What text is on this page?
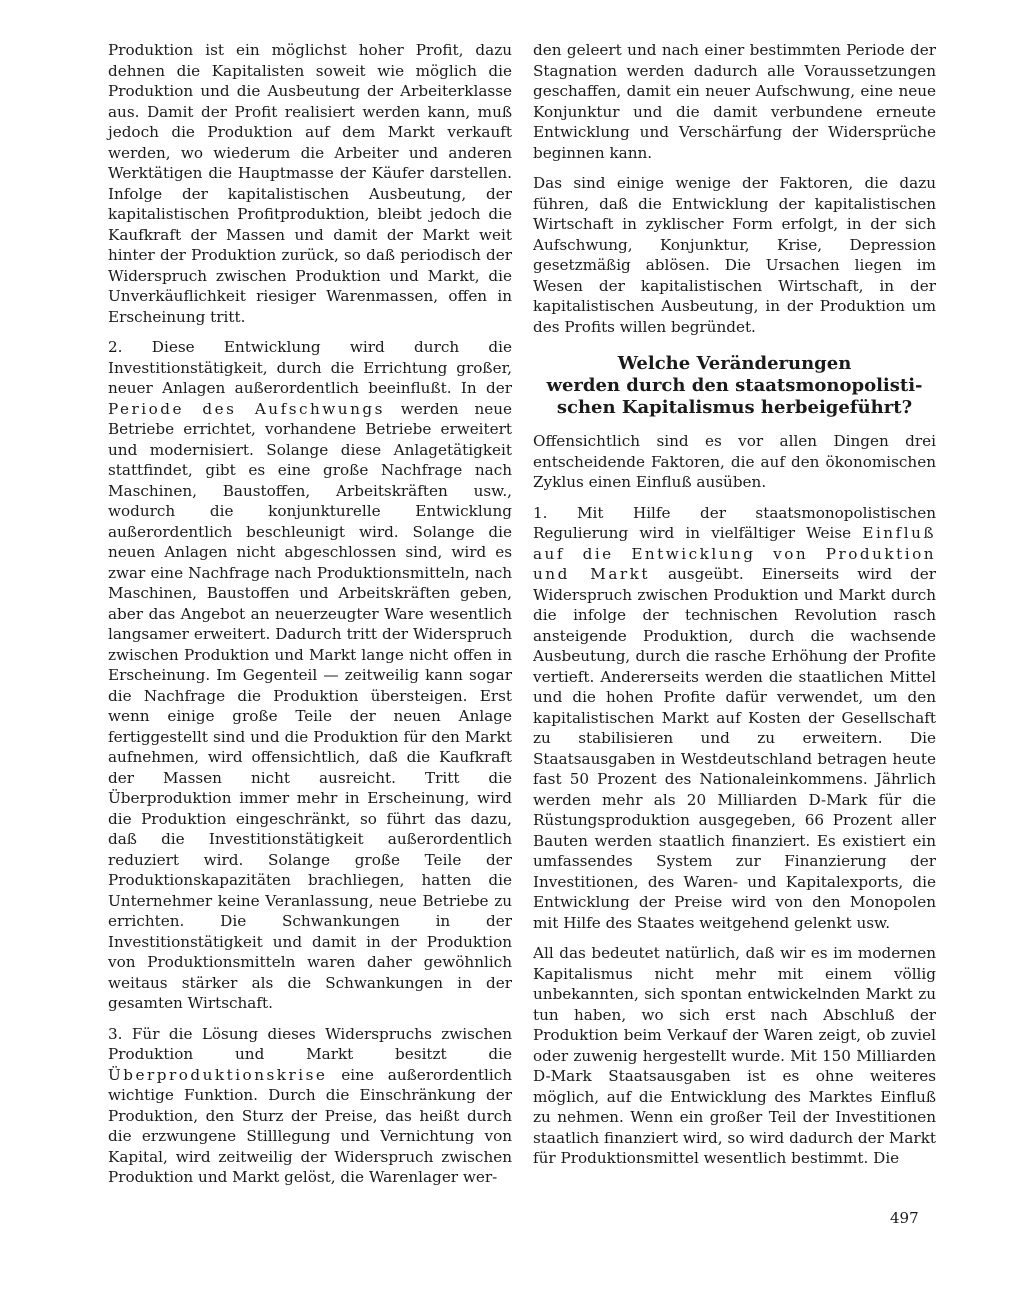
Produktion ist ein möglichst hoher Profit, dazu dehnen die Kapitalisten soweit wie möglich die Produktion und die Ausbeutung der Arbeiterklasse aus. Damit der Profit realisiert werden kann, muß jedoch die Produktion auf dem Markt verkauft werden, wo wiederum die Arbeiter und anderen Werktätigen die Hauptmasse der Käufer darstellen. Infolge der kapitalistischen Ausbeutung, der kapitalistischen Profitproduktion, bleibt jedoch die Kaufkraft der Massen und damit der Markt weit hinter der Produktion zurück, so daß periodisch der Widerspruch zwischen Produktion und Markt, die Unverkäuflichkeit riesiger Warenmassen, offen in Erscheinung tritt.

2. Diese Entwicklung wird durch die Investitionstätigkeit, durch die Errichtung großer, neuer Anlagen außerordentlich beeinflußt. In der Periode des Aufschwungs werden neue Betriebe errichtet, vorhandene Betriebe erweitert und modernisiert. Solange diese Anlagetätigkeit stattfindet, gibt es eine große Nachfrage nach Maschinen, Baustoffen, Arbeitskräften usw., wodurch die konjunkturelle Entwicklung außerordentlich beschleunigt wird. Solange die neuen Anlagen nicht abgeschlossen sind, wird es zwar eine Nachfrage nach Produktionsmitteln, nach Maschinen, Baustoffen und Arbeitskräften geben, aber das Angebot an neuerzeugter Ware wesentlich langsamer erweitert. Dadurch tritt der Widerspruch zwischen Produktion und Markt lange nicht offen in Erscheinung. Im Gegenteil — zeitweilig kann sogar die Nachfrage die Produktion übersteigen. Erst wenn einige große Teile der neuen Anlage fertiggestellt sind und die Produktion für den Markt aufnehmen, wird offensichtlich, daß die Kaufkraft der Massen nicht ausreicht. Tritt die Überproduktion immer mehr in Erscheinung, wird die Produktion eingeschränkt, so führt das dazu, daß die Investitionstätigkeit außerordentlich reduziert wird. Solange große Teile der Produktionskapazitäten brachliegen, hatten die Unternehmer keine Veranlassung, neue Betriebe zu errichten. Die Schwankungen in der Investitionstätigkeit und damit in der Produktion von Produktionsmitteln waren daher gewöhnlich weitaus stärker als die Schwankungen in der gesamten Wirtschaft.

3. Für die Lösung dieses Widerspruchs zwischen Produktion und Markt besitzt die Überproduktionskrise eine außerordentlich wichtige Funktion. Durch die Einschränkung der Produktion, den Sturz der Preise, das heißt durch die erzwungene Stilllegung und Vernichtung von Kapital, wird zeitweilig der Widerspruch zwischen Produktion und Markt gelöst, die Warenlager wer-

den geleert und nach einer bestimmten Periode der Stagnation werden dadurch alle Voraussetzungen geschaffen, damit ein neuer Aufschwung, eine neue Konjunktur und die damit verbundene erneute Entwicklung und Verschärfung der Widersprüche beginnen kann.

Das sind einige wenige der Faktoren, die dazu führen, daß die Entwicklung der kapitalistischen Wirtschaft in zyklischer Form erfolgt, in der sich Aufschwung, Konjunktur, Krise, Depression gesetzmäßig ablösen. Die Ursachen liegen im Wesen der kapitalistischen Wirtschaft, in der kapitalistischen Ausbeutung, in der Produktion um des Profits willen begründet.

Welche Veränderungen
werden durch den staatsmonopolisti-
schen Kapitalismus herbeigeführt?

Offensichtlich sind es vor allen Dingen drei entscheidende Faktoren, die auf den ökonomischen Zyklus einen Einfluß ausüben.

1. Mit Hilfe der staatsmonopolistischen Regulierung wird in vielfältiger Weise Einfluß auf die Entwicklung von Produktion und Markt ausgeübt. Einerseits wird der Widerspruch zwischen Produktion und Markt durch die infolge der technischen Revolution rasch ansteigende Produktion, durch die wachsende Ausbeutung, durch die rasche Erhöhung der Profite vertieft. Andererseits werden die staatlichen Mittel und die hohen Profite dafür verwendet, um den kapitalistischen Markt auf Kosten der Gesellschaft zu stabilisieren und zu erweitern. Die Staatsausgaben in Westdeutschland betragen heute fast 50 Prozent des Nationaleinkommens. Jährlich werden mehr als 20 Milliarden D-Mark für die Rüstungsproduktion ausgegeben, 66 Prozent aller Bauten werden staatlich finanziert. Es existiert ein umfassendes System zur Finanzierung der Investitionen, des Waren- und Kapitalexports, die Entwicklung der Preise wird von den Monopolen mit Hilfe des Staates weitgehend gelenkt usw.

All das bedeutet natürlich, daß wir es im modernen Kapitalismus nicht mehr mit einem völlig unbekannten, sich spontan entwickelnden Markt zu tun haben, wo sich erst nach Abschluß der Produktion beim Verkauf der Waren zeigt, ob zuviel oder zuwenig hergestellt wurde. Mit 150 Milliarden D-Mark Staatsausgaben ist es ohne weiteres möglich, auf die Entwicklung des Marktes Einfluß zu nehmen. Wenn ein großer Teil der Investitionen staatlich finanziert wird, so wird dadurch der Markt für Produktionsmittel wesentlich bestimmt. Die

497
